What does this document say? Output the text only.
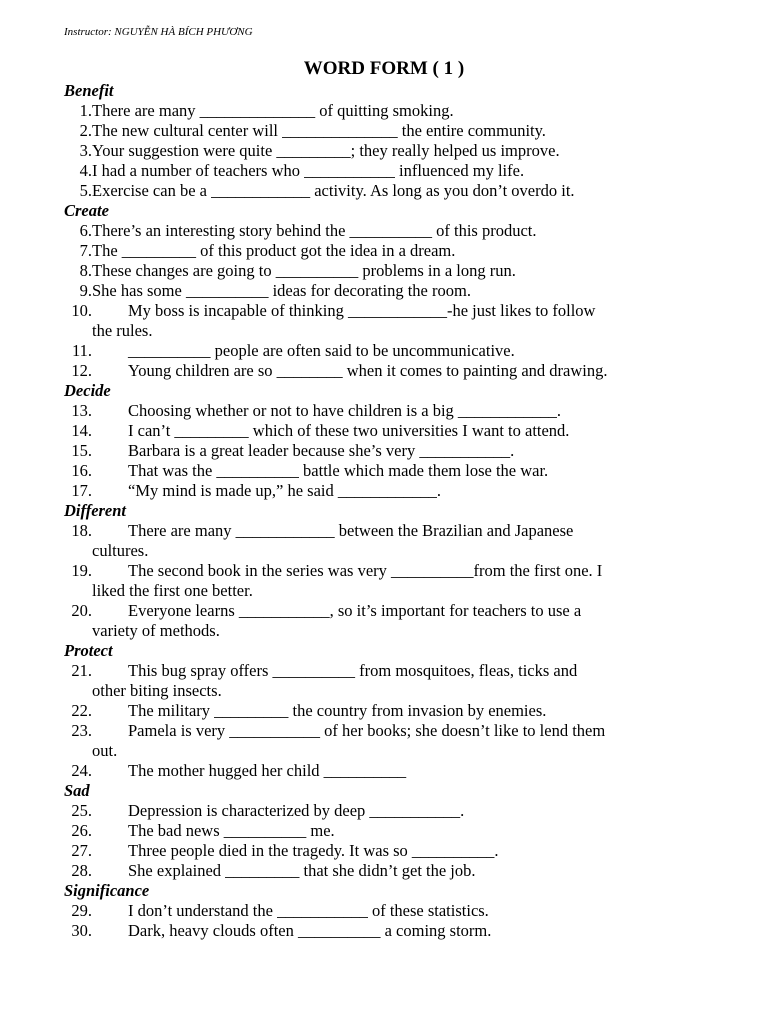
Instructor: NGUYỄN HÀ BÍCH PHƯƠNG
WORD FORM ( 1 )
Benefit
1. There are many ______________ of quitting smoking.
2. The new cultural center will ______________ the entire community.
3. Your suggestion were quite _________; they really helped us improve.
4. I had a number of teachers who ___________ influenced my life.
5. Exercise can be a ____________ activity. As long as you don’t overdo it.
Create
6. There’s an interesting story behind the __________ of this product.
7. The _________ of this product got the idea in a dream.
8. These changes are going to __________ problems in a long run.
9. She has some __________ ideas for decorating the room.
10. My boss is incapable of thinking ____________-he just likes to follow
the rules.
11. __________ people are often said to be uncommunicative.
12. Young children are so ________ when it comes to painting and drawing.
Decide
13. Choosing whether or not to have children is a big ____________.
14. I can’t _________ which of these two universities I want to attend.
15. Barbara is a great leader because she’s very ___________.
16. That was the __________ battle which made them lose the war.
17. “My mind is made up,” he said ____________.
Different
18. There are many ____________ between the Brazilian and Japanese
cultures.
19. The second book in the series was very __________from the first one. I
liked the first one better.
20. Everyone learns ___________, so it’s important for teachers to use a
variety of methods.
Protect
21. This bug spray offers __________ from mosquitoes, fleas, ticks and
other biting insects.
22. The military _________ the country from invasion by enemies.
23. Pamela is very ___________ of her books; she doesn’t like to lend them
out.
24. The mother hugged her child __________
Sad
25. Depression is characterized by deep ___________.
26. The bad news __________ me.
27. Three people died in the tragedy. It was so __________.
28. She explained _________ that she didn’t get the job.
Significance
29. I don’t understand the ___________ of these statistics.
30. Dark, heavy clouds often __________ a coming storm.
